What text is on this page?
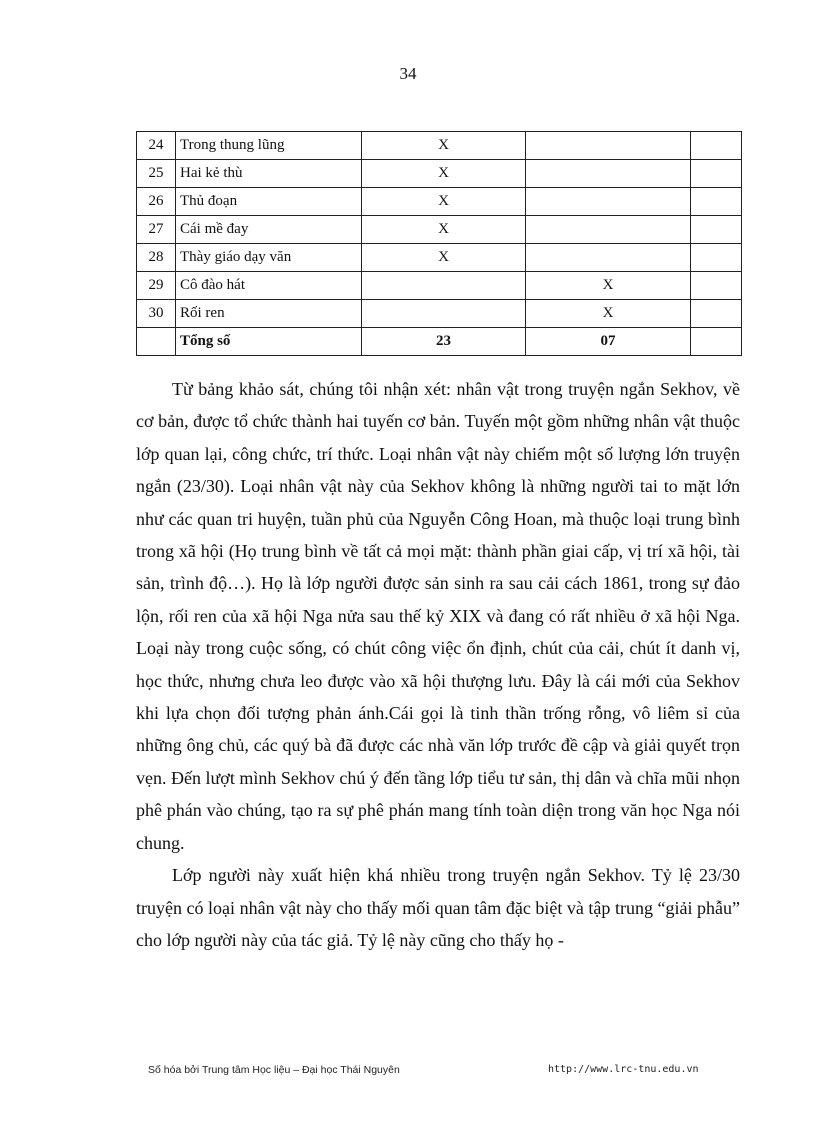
34
24	Trong thung lũng	X		
25	Hai kẻ thù	X		
26	Thủ đoạn	X		
27	Cái mề đay	X		
28	Thày giáo dạy văn	X		
29	Cô đào hát		X	
30	Rối ren		X	
	Tổng số	23	07	

Từ bảng khảo sát, chúng tôi nhận xét: nhân vật trong truyện ngắn Sekhov, về cơ bản, được tổ chức thành hai tuyến cơ bản. Tuyến một gồm những nhân vật thuộc lớp quan lại, công chức, trí thức. Loại nhân vật này chiếm một số lượng lớn truyện ngắn (23/30). Loại nhân vật này của Sekhov không là những người tai to mặt lớn như các quan tri huyện, tuần phủ của Nguyễn Công Hoan, mà thuộc loại trung bình trong xã hội (Họ trung bình về tất cả mọi mặt: thành phần giai cấp, vị trí xã hội, tài sản, trình độ…). Họ là lớp người được sản sinh ra sau cải cách 1861, trong sự đảo lộn, rối ren của xã hội Nga nửa sau thế kỷ XIX và đang có rất nhiều ở xã hội Nga. Loại này trong cuộc sống, có chút công việc ổn định, chút của cải, chút ít danh vị, học thức, nhưng chưa leo được vào xã hội thượng lưu. Đây là cái mới của Sekhov khi lựa chọn đối tượng phản ánh.Cái gọi là tinh thần trống rỗng, vô liêm sỉ của những ông chủ, các quý bà đã được các nhà văn lớp trước đề cập và giải quyết trọn vẹn. Đến lượt mình Sekhov chú ý đến tầng lớp tiểu tư sản, thị dân và chĩa mũi nhọn phê phán vào chúng, tạo ra sự phê phán mang tính toàn diện trong văn học Nga nói chung.

Lớp người này xuất hiện khá nhiều trong truyện ngắn Sekhov. Tỷ lệ 23/30 truyện có loại nhân vật này cho thấy mối quan tâm đặc biệt và tập trung “giải phẫu” cho lớp người này của tác giả. Tỷ lệ này cũng cho thấy họ -

Số hóa bởi Trung tâm Học liệu – Đại học Thái Nguyên	http://www.lrc-tnu.edu.vn
